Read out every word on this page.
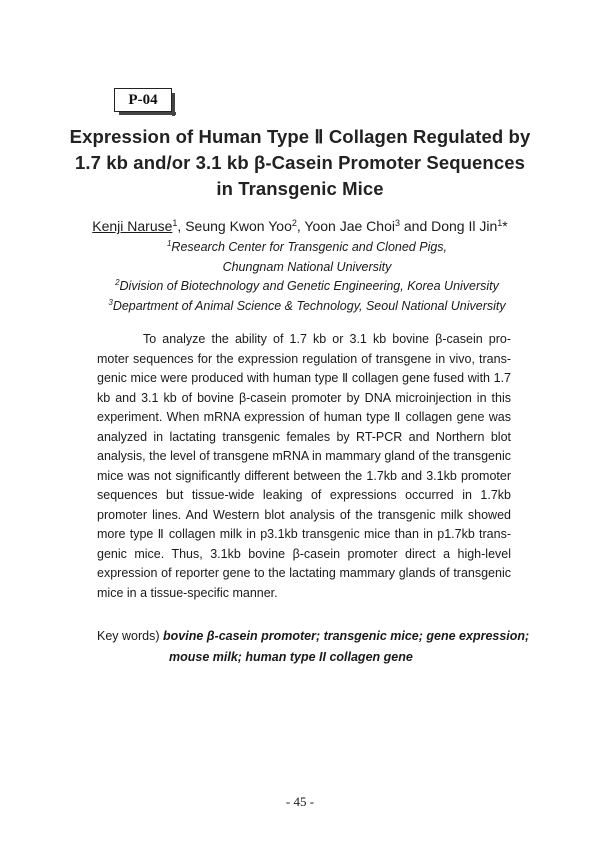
P-04
Expression of Human Type Ⅱ Collagen Regulated by
1.7 kb and/or 3.1 kb β-Casein Promoter Sequences
in Transgenic Mice
Kenji Naruse$^1$, Seung Kwon Yoo$^2$, Yoon Jae Choi$^3$ and Dong Il Jin$^1$*
$^1$Research Center for Transgenic and Cloned Pigs,
Chungnam National University
$^2$Division of Biotechnology and Genetic Engineering, Korea University
$^3$Department of Animal Science & Technology, Seoul National University
To analyze the ability of 1.7 kb or 3.1 kb bovine β-casein pro-
moter sequences for the expression regulation of transgene in vivo, trans-
genic mice were produced with human type Ⅱ collagen gene fused with 1.7
kb and 3.1 kb of bovine β-casein promoter by DNA microinjection in this
experiment. When mRNA expression of human type Ⅱ collagen gene was
analyzed in lactating transgenic females by RT-PCR and Northern blot
analysis, the level of transgene mRNA in mammary gland of the transgenic
mice was not significantly different between the 1.7kb and 3.1kb promoter
sequences but tissue-wide leaking of expressions occurred in 1.7kb
promoter lines. And Western blot analysis of the transgenic milk showed
more type Ⅱ collagen milk in p3.1kb transgenic mice than in p1.7kb trans-
genic mice. Thus, 3.1kb bovine β-casein promoter direct a high-level
expression of reporter gene to the lactating mammary glands of transgenic
mice in a tissue-specific manner.
Key words) bovine β-casein promoter; transgenic mice; gene expression;
mouse milk; human type II collagen gene
- 45 -
